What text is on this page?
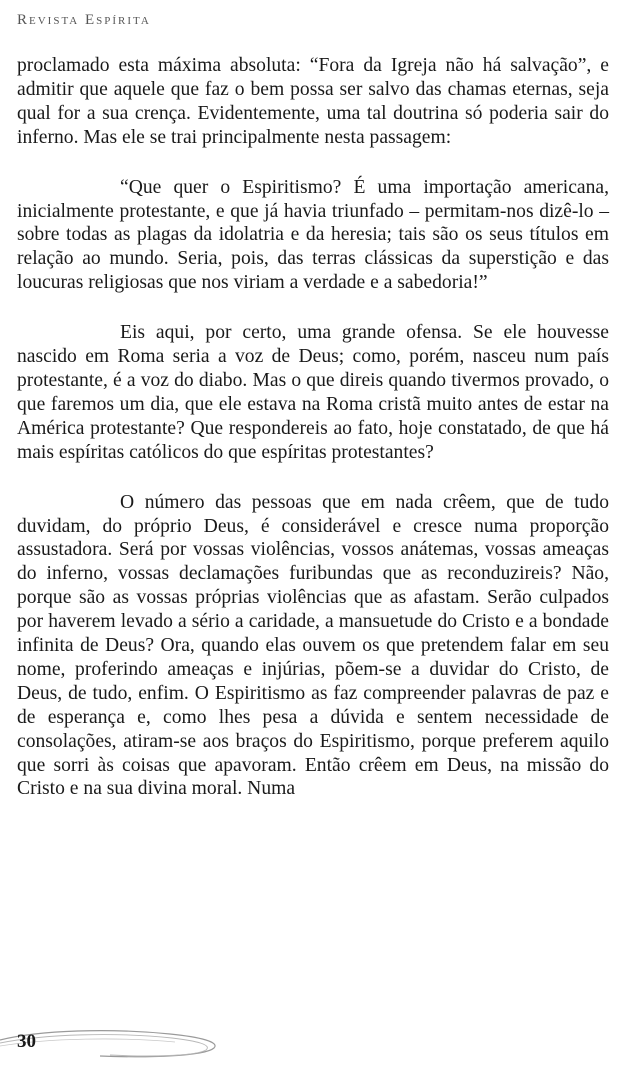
Revista Espírita

proclamado esta máxima absoluta: “Fora da Igreja não há salvação”, e admitir que aquele que faz o bem possa ser salvo das chamas eternas, seja qual for a sua crença. Evidentemente, uma tal doutrina só poderia sair do inferno. Mas ele se trai principalmente nesta passagem:

“Que quer o Espiritismo? É uma importação americana, inicialmente protestante, e que já havia triunfado – permitam-nos dizê-lo – sobre todas as plagas da idolatria e da heresia; tais são os seus títulos em relação ao mundo. Seria, pois, das terras clássicas da superstição e das loucuras religiosas que nos viriam a verdade e a sabedoria!”

Eis aqui, por certo, uma grande ofensa. Se ele houvesse nascido em Roma seria a voz de Deus; como, porém, nasceu num país protestante, é a voz do diabo. Mas o que direis quando tivermos provado, o que faremos um dia, que ele estava na Roma cristã muito antes de estar na América protestante? Que respondereis ao fato, hoje constatado, de que há mais espíritas católicos do que espíritas protestantes?

O número das pessoas que em nada crêem, que de tudo duvidam, do próprio Deus, é considerável e cresce numa proporção assustadora. Será por vossas violências, vossos anátemas, vossas ameaças do inferno, vossas declamações furibundas que as reconduzireis? Não, porque são as vossas próprias violências que as afastam. Serão culpados por haverem levado a sério a caridade, a mansuetude do Cristo e a bondade infinita de Deus? Ora, quando elas ouvem os que pretendem falar em seu nome, proferindo ameaças e injúrias, põem-se a duvidar do Cristo, de Deus, de tudo, enfim. O Espiritismo as faz compreender palavras de paz e de esperança e, como lhes pesa a dúvida e sentem necessidade de consolações, atiram-se aos braços do Espiritismo, porque preferem aquilo que sorri às coisas que apavoram. Então crêem em Deus, na missão do Cristo e na sua divina moral. Numa

30
